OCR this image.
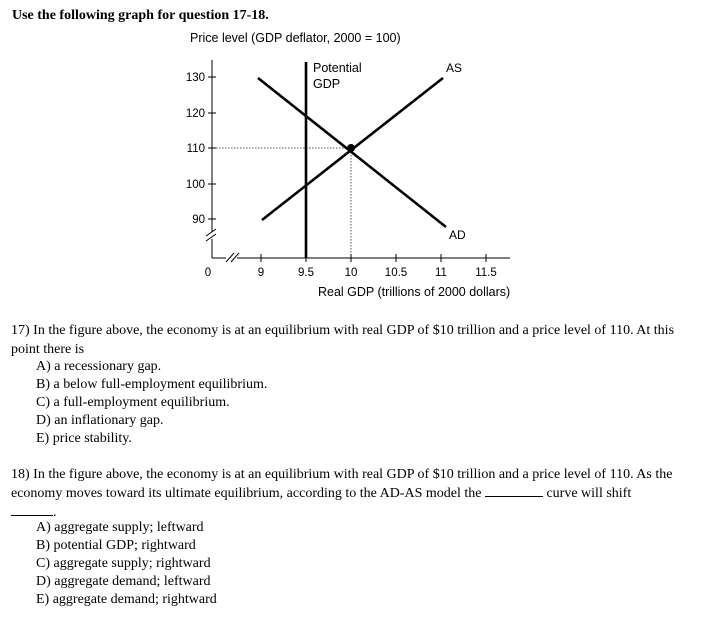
Use the following graph for question 17-18.
Price level (GDP deflator, 2000 = 100)
130
120
110
100
90
0	9	9.5	10 10.5 11 11.5
Real GDP (trillions of 2000 dollars)
Potential
GDP
AS
AD
17) In the figure above, the economy is at an equilibrium with real GDP of $10 trillion and a price level of 110. At this point there is
A) a recessionary gap.
B) a below full-employment equilibrium.
C) a full-employment equilibrium.
D) an inflationary gap.
E) price stability.
18) In the figure above, the economy is at an equilibrium with real GDP of $10 trillion and a price level of 110. As the economy moves toward its ultimate equilibrium, according to the AD-AS model the	curve will shift
.
A) aggregate supply; leftward
B) potential GDP; rightward
C) aggregate supply; rightward
D) aggregate demand; leftward
E) aggregate demand; rightward
